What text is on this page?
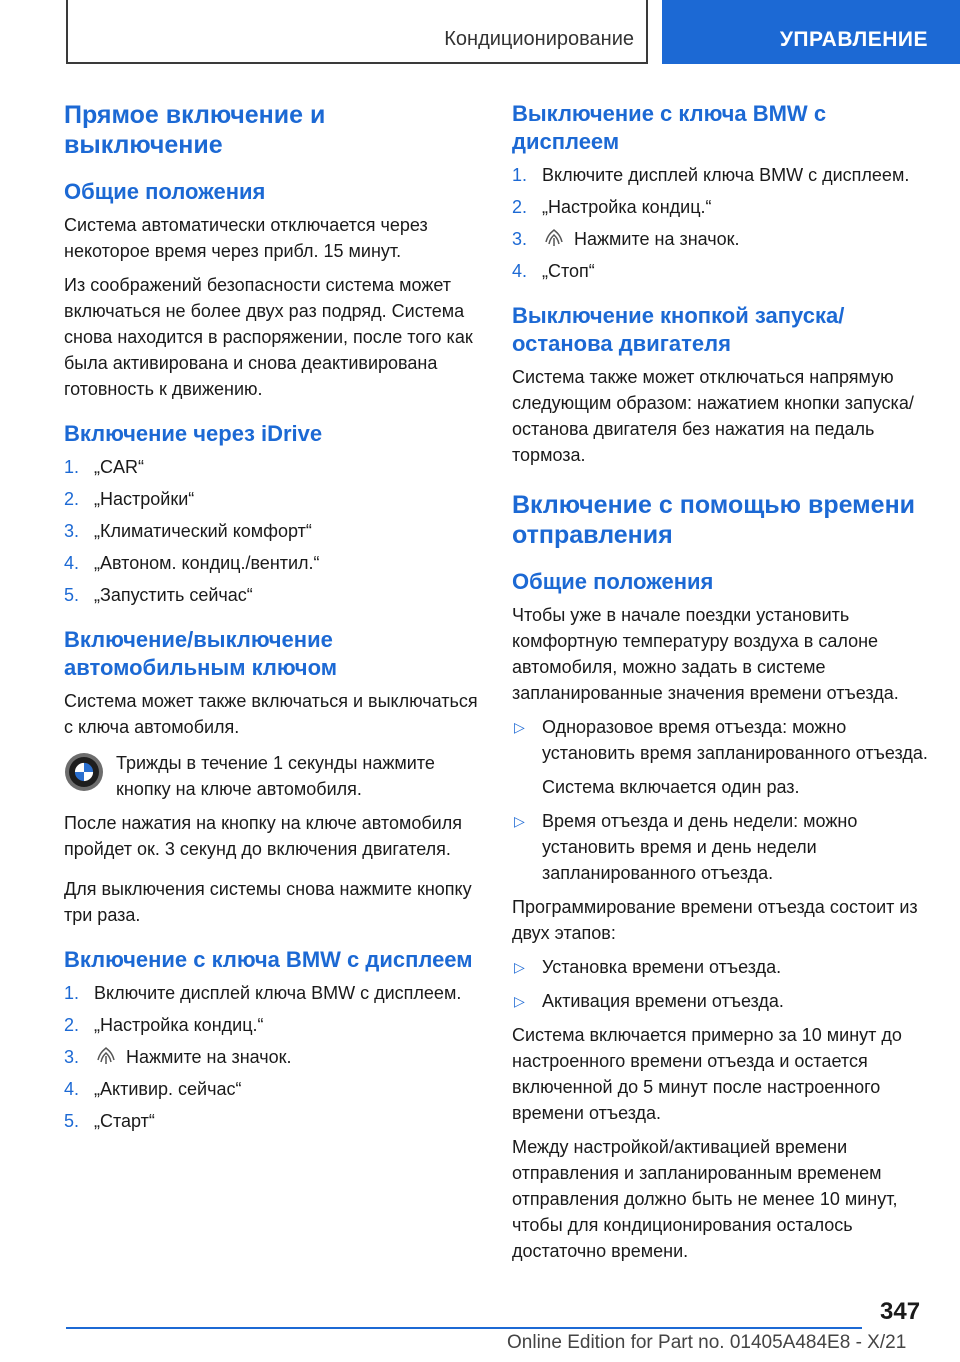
Кондиционирование	УПРАВЛЕНИЕ
Прямое включение и выключение
Общие положения

Система автоматически отключается через некоторое время через прибл. 15 минут.

Из соображений безопасности система может включаться не более двух раз подряд. Система снова находится в распоряжении, после того как была активирована и снова деактивирована готовность к движению.

Включение через iDrive
1. „CAR“
2. „Настройки“
3. „Климатический комфорт“
4. „Автоном. кондиц./вентил.“
5. „Запустить сейчас“
Включение/выключение автомобильным ключом

Система может также включаться и выключаться с ключа автомобиля.

Трижды в течение 1 секунды нажмите кнопку на ключе автомобиля.

После нажатия на кнопку на ключе автомобиля пройдет ок. 3 секунд до включения двигателя.

Для выключения системы снова нажмите кнопку три раза.

Включение с ключа BMW с дисплеем
1. Включите дисплей ключа BMW с дисплеем.
2. „Настройка кондиц.“
3.	Нажмите на значок.
4. „Активир. сейчас“
5. „Старт“
Выключение с ключа BMW с дисплеем
1. Включите дисплей ключа BMW с дисплеем.
2. „Настройка кондиц.“
3.	Нажмите на значок.
4. „Стоп“
Выключение кнопкой запуска/останова двигателя

Система также может отключаться напрямую следующим образом: нажатием кнопки запуска/останова двигателя без нажатия на педаль тормоза.

Включение с помощью времени отправления
Общие положения

Чтобы уже в начале поездки установить комфортную температуру воздуха в салоне автомобиля, можно задать в системе запланированные значения времени отъезда.

▷ Одноразовое время отъезда: можно установить время запланированного отъезда.

Система включается один раз.

▷ Время отъезда и день недели: можно установить время и день недели запланированного отъезда.

Программирование времени отъезда состоит из двух этапов:

▷ Установка времени отъезда.
▷ Активация времени отъезда.

Система включается примерно за 10 минут до настроенного времени отъезда и остается включенной до 5 минут после настроенного времени отъезда.

Между настройкой/активацией времени отправления и запланированным временем отправления должно быть не менее 10 минут, чтобы для кондиционирования осталось достаточно времени.

347
Online Edition for Part no. 01405A484E8 - X/21
